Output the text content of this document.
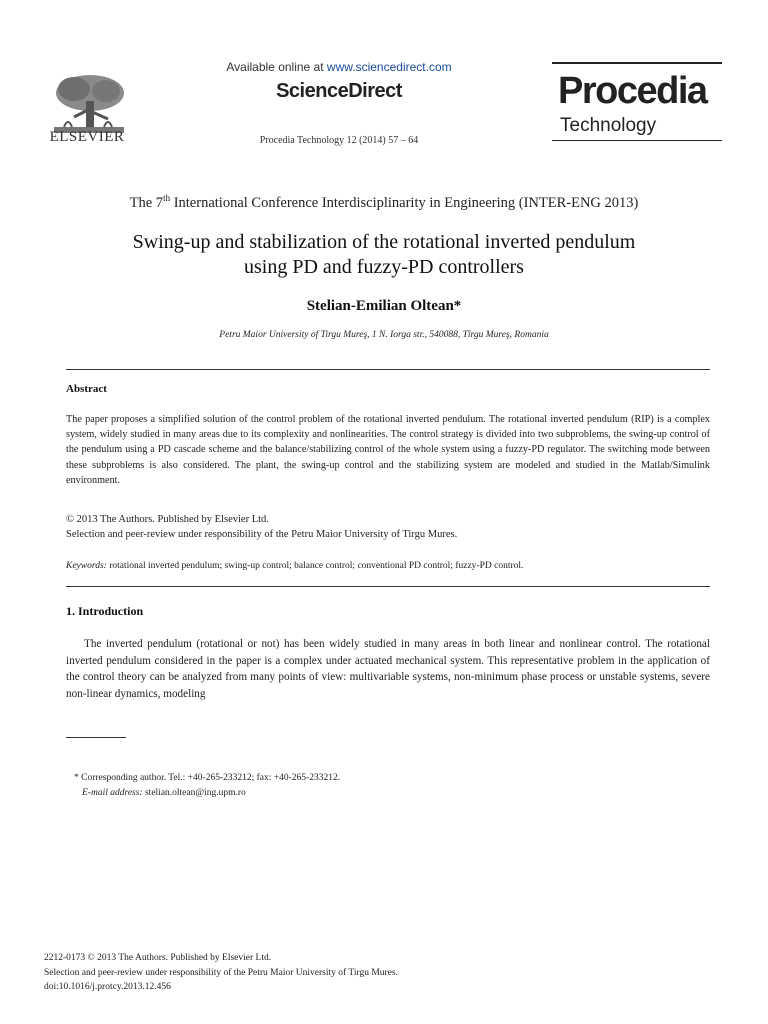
ELSEVIER
Available online at www.sciencedirect.com
ScienceDirect
Procedia Technology 12 (2014) 57 – 64
Procedia
Technology
The 7th International Conference Interdisciplinarity in Engineering (INTER-ENG 2013)
Swing-up and stabilization of the rotational inverted pendulum
using PD and fuzzy-PD controllers
Stelian-Emilian Oltean*
Petru Maior University of Tirgu Mureş, 1 N. Iorga str., 540088, Tîrgu Mureş, Romania
Abstract
The paper proposes a simplified solution of the control problem of the rotational inverted pendulum. The rotational inverted pendulum (RIP) is a complex system, widely studied in many areas due to its complexity and nonlinearities. The control strategy is divided into two subproblems, the swing-up control of the pendulum using a PD cascade scheme and the balance/stabilizing control of the whole system using a fuzzy-PD regulator. The switching mode between these subproblems is also considered. The plant, the swing-up control and the stabilizing system are modeled and studied in the Matlab/Simulink environment.
© 2013 The Authors. Published by Elsevier Ltd.
Selection and peer-review under responsibility of the Petru Maior University of Tirgu Mures.
Keywords: rotational inverted pendulum; swing-up control; balance control; conventional PD control; fuzzy-PD control.
1. Introduction

The inverted pendulum (rotational or not) has been widely studied in many areas in both linear and nonlinear control. The rotational inverted pendulum considered in the paper is a complex under actuated mechanical system. This representative problem in the application of the control theory can be analyzed from many points of view: multivariable systems, non-minimum phase process or unstable systems, severe non-linear dynamics, modeling

* Corresponding author. Tel.: +40-265-233212; fax: +40-265-233212.
E-mail address: stelian.oltean@ing.upm.ro
2212-0173 © 2013 The Authors. Published by Elsevier Ltd.
Selection and peer-review under responsibility of the Petru Maior University of Tirgu Mures.
doi:10.1016/j.protcy.2013.12.456
